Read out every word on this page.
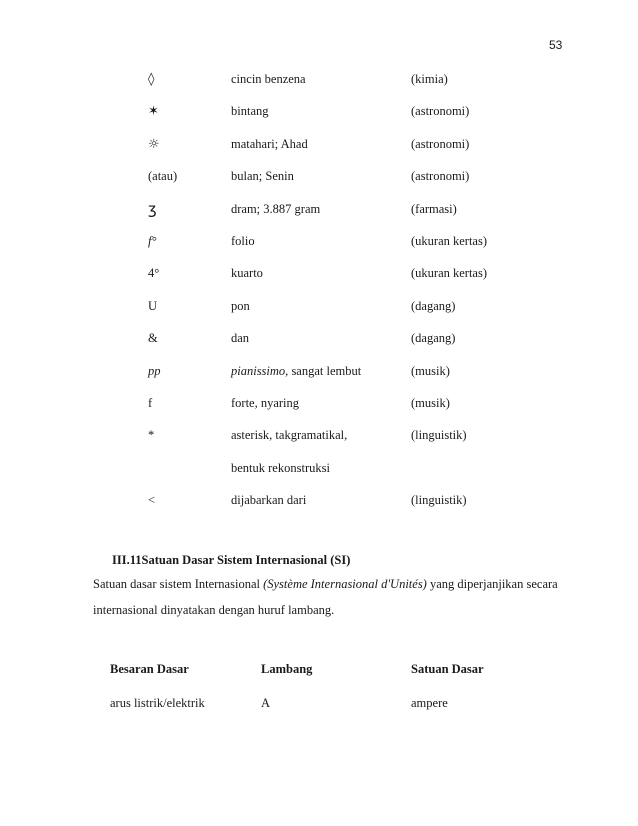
53
◊	cincin benzena	(kimia)
✶	bintang	(astronomi)
☼	matahari; Ahad	(astronomi)
(atau)	bulan; Senin	(astronomi)
ʒ	dram; 3.887 gram	(farmasi)
f°	folio	(ukuran kertas)
4°	kuarto	(ukuran kertas)
U	pon	(dagang)
&	dan	(dagang)
pp	pianissimo, sangat lembut	(musik)
f	forte, nyaring	(musik)
*	asterisk, takgramatikal,	(linguistik)
bentuk rekonstruksi
<	dijabarkan dari	(linguistik)
III.11Satuan Dasar Sistem Internasional (SI)
Satuan dasar sistem Internasional (Système Internasional d'Unités) yang diperjanjikan secara
internasional dinyatakan dengan huruf lambang.
Besaran Dasar	Lambang	Satuan Dasar
arus listrik/elektrik	A	ampere
